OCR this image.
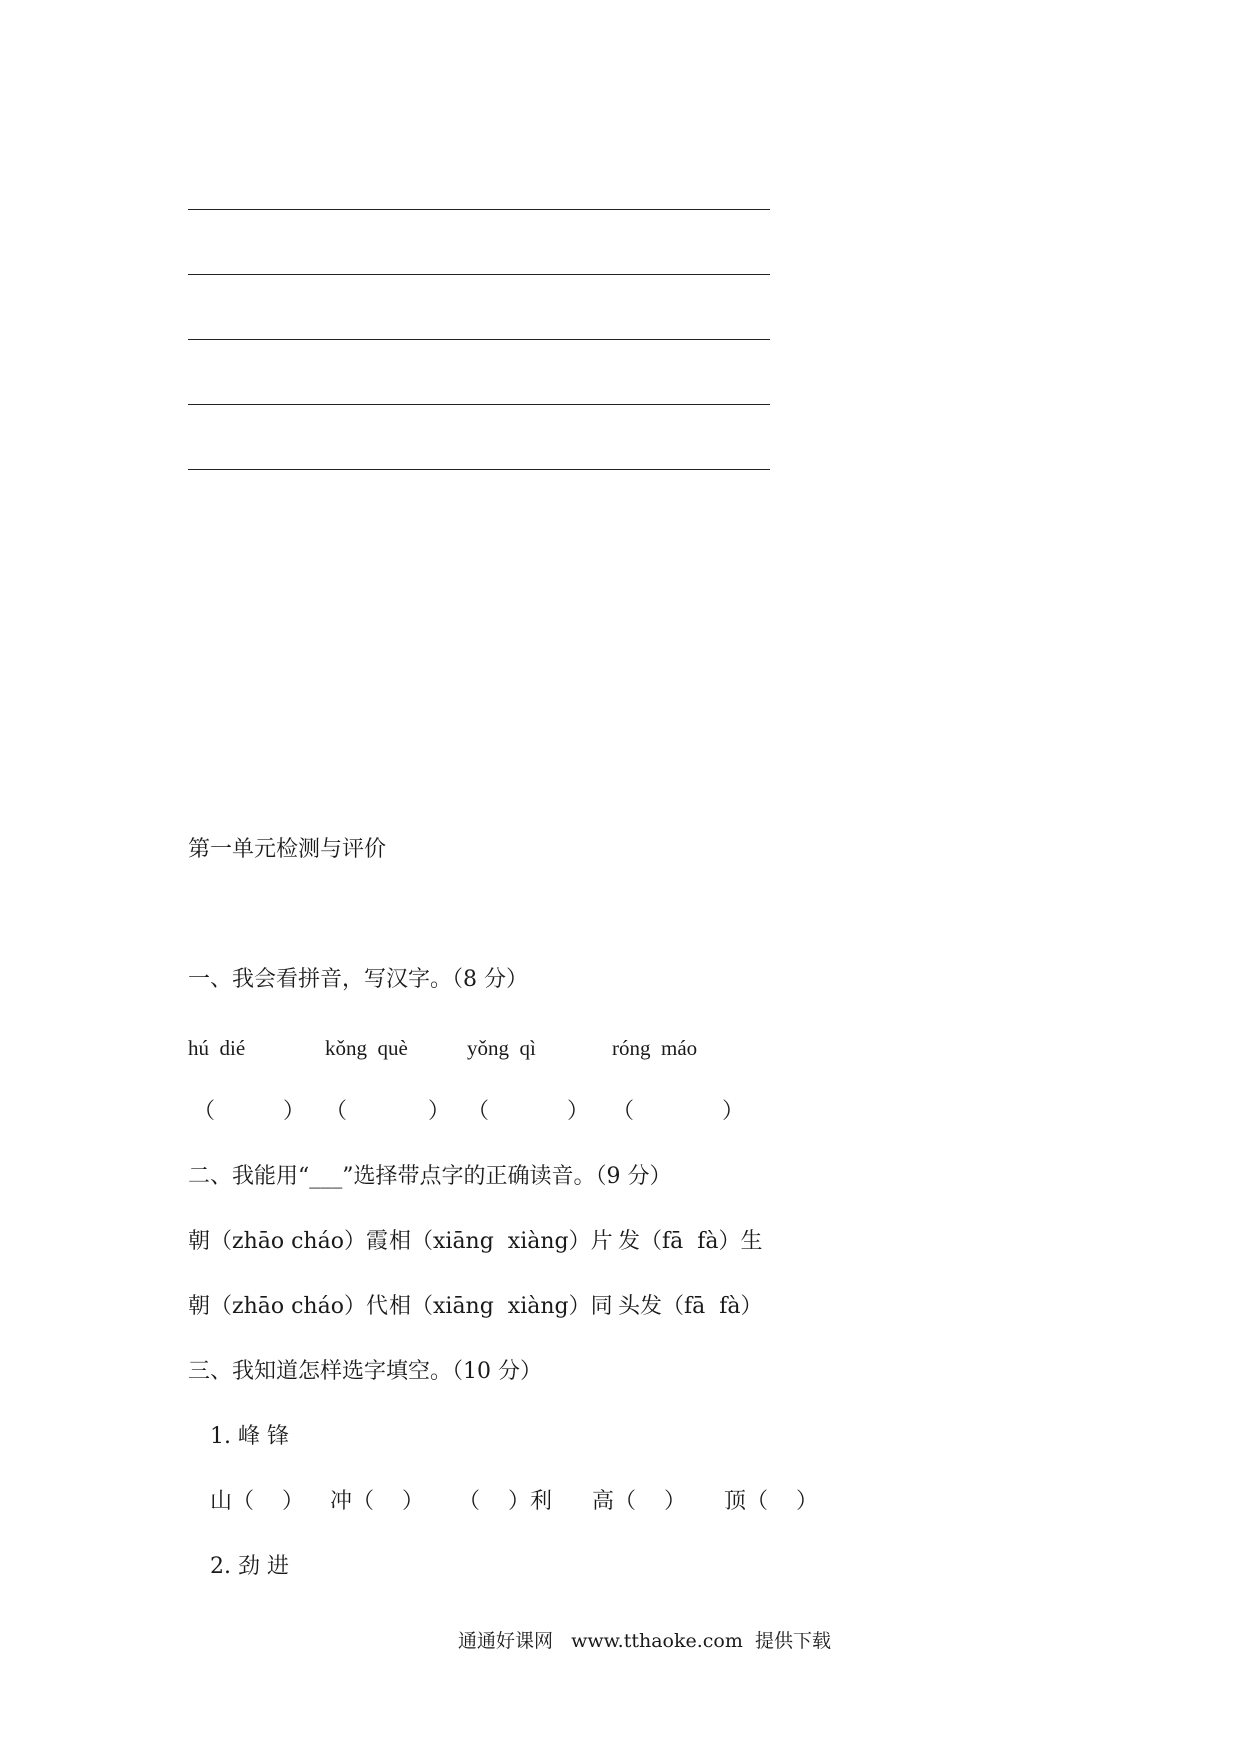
第一单元检测与评价
一、我会看拼音，写汉字。（8 分）
hú  dié	kǒng  què	yǒng  qì	róng  máo
（	） （	） （	） （	）
二、我能用“___”选择带点字的正确读音。（9 分）
朝（zhāo cháo）霞 相（xiāng  xiàng）片 发（fā  fà）生
朝（zhāo cháo）代 相（xiāng  xiàng）同 头发（fā  fà）
三、我知道怎样选字填空。（10 分）
1. 峰 锋
山（    ） 冲（    ） （    ）利 高（    ） 顶（    ）
2. 劲 进
通通好课网   www.tthaoke.com  提供下载
